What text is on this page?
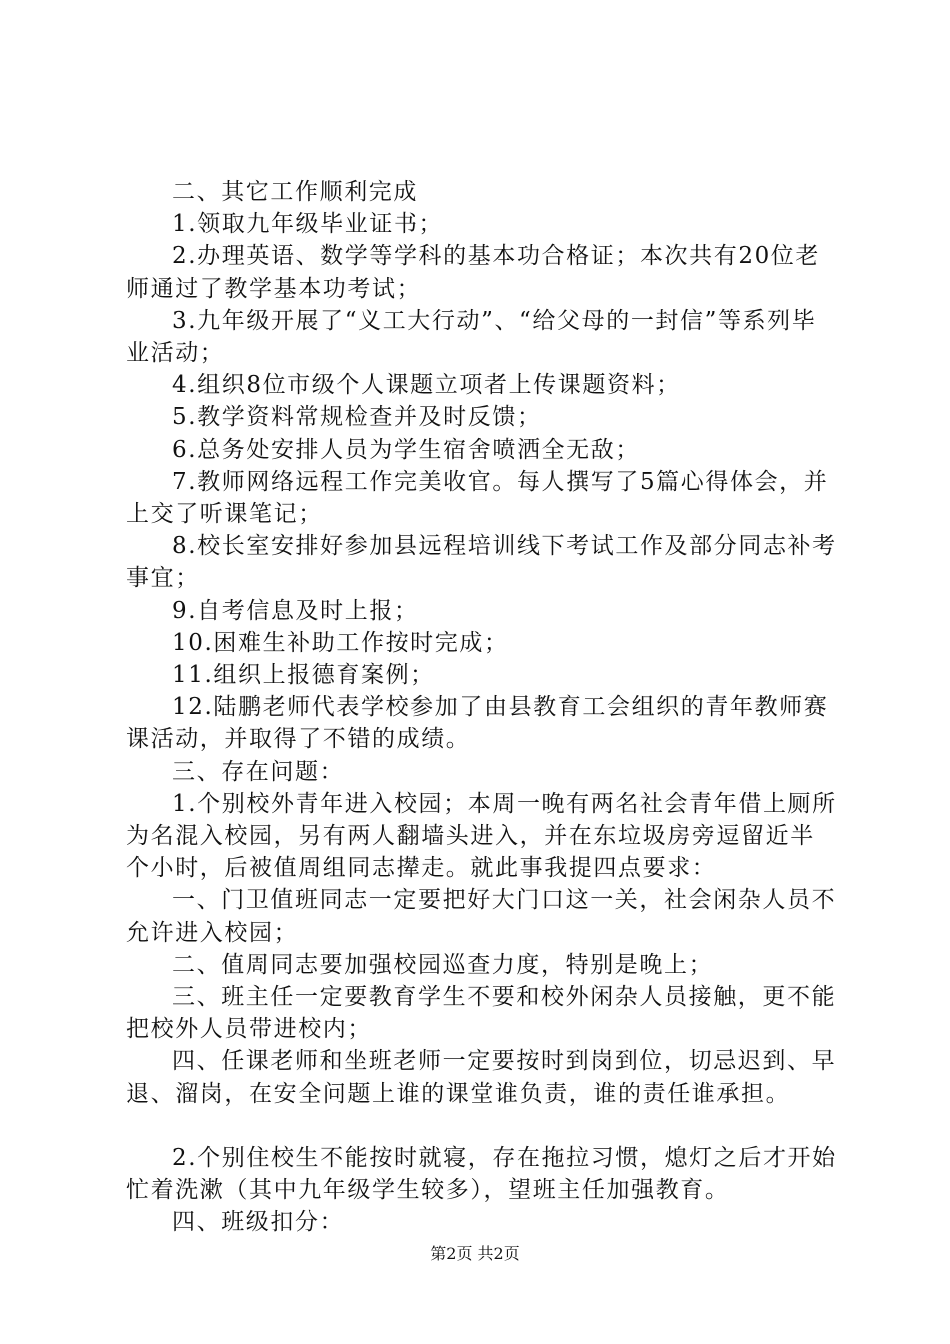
二、其它工作顺利完成

1.领取九年级毕业证书；

2.办理英语、数学等学科的基本功合格证；本次共有20位老师通过了教学基本功考试；

3.九年级开展了“义工大行动”、“给父母的一封信”等系列毕业活动；

4.组织8位市级个人课题立项者上传课题资料；

5.教学资料常规检查并及时反馈；

6.总务处安排人员为学生宿舍喷洒全无敌；

7.教师网络远程工作完美收官。每人撰写了5篇心得体会，并上交了听课笔记；

8.校长室安排好参加县远程培训线下考试工作及部分同志补考事宜；

9.自考信息及时上报；

10.困难生补助工作按时完成；

11.组织上报德育案例；

12.陆鹏老师代表学校参加了由县教育工会组织的青年教师赛课活动，并取得了不错的成绩。

三、存在问题：

1.个别校外青年进入校园；本周一晚有两名社会青年借上厕所为名混入校园，另有两人翻墙头进入，并在东垃圾房旁逗留近半个小时，后被值周组同志撵走。就此事我提四点要求：

一、门卫值班同志一定要把好大门口这一关，社会闲杂人员不允许进入校园；

二、值周同志要加强校园巡查力度，特别是晚上；

三、班主任一定要教育学生不要和校外闲杂人员接触，更不能把校外人员带进校内；

四、任课老师和坐班老师一定要按时到岗到位，切忌迟到、早退、溜岗，在安全问题上谁的课堂谁负责，谁的责任谁承担。

2.个别住校生不能按时就寝，存在拖拉习惯，熄灯之后才开始忙着洗漱（其中九年级学生较多），望班主任加强教育。

四、班级扣分：

第2页 共2页
